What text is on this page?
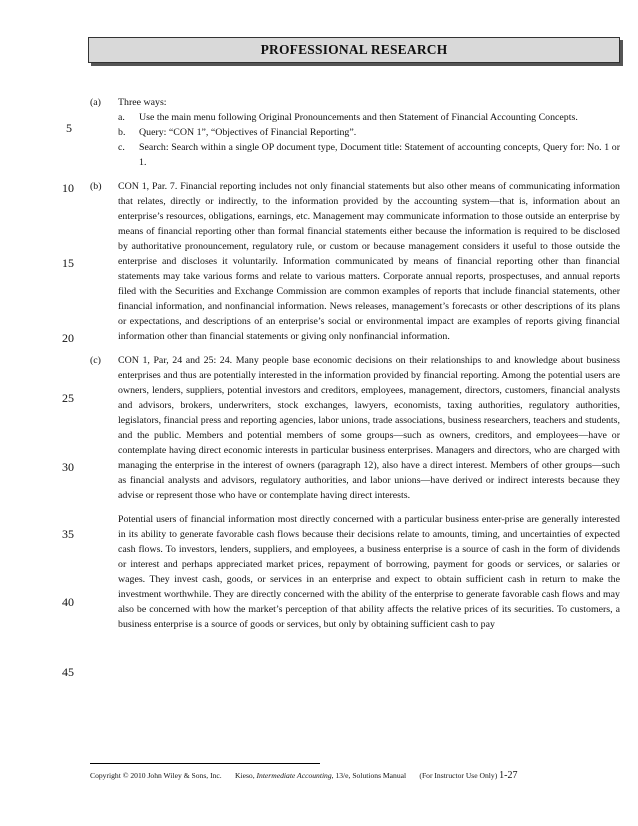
PROFESSIONAL RESEARCH
5
10
15
20
25
30
35
40
45
(a) Three ways:
a. Use the main menu following Original Pronouncements and then Statement of Financial Accounting Concepts.
b. Query: “CON 1”, “Objectives of Financial Reporting”.
c. Search: Search within a single OP document type, Document title: Statement of accounting concepts, Query for: No. 1 or 1.
(b) CON 1, Par. 7. Financial reporting includes not only financial statements but also other means of communicating information that relates, directly or indirectly, to the information provided by the accounting system—that is, information about an enterprise’s resources, obligations, earnings, etc. Management may communicate information to those outside an enterprise by means of financial reporting other than formal financial statements either because the information is required to be disclosed by authoritative pronouncement, regulatory rule, or custom or because management considers it useful to those outside the enterprise and discloses it voluntarily. Information communicated by means of financial reporting other than financial statements may take various forms and relate to various matters. Corporate annual reports, prospectuses, and annual reports filed with the Securities and Exchange Commission are common examples of reports that include financial statements, other financial information, and nonfinancial information. News releases, management’s forecasts or other descriptions of its plans or expectations, and descriptions of an enterprise’s social or environmental impact are examples of reports giving financial information other than financial statements or giving only nonfinancial information.
(c) CON 1, Par, 24 and 25: 24. Many people base economic decisions on their relationships to and knowledge about business enterprises and thus are potentially interested in the information provided by financial reporting. Among the potential users are owners, lenders, suppliers, potential investors and creditors, employees, management, directors, customers, financial analysts and advisors, brokers, underwriters, stock exchanges, lawyers, economists, taxing authorities, regulatory authorities, legislators, financial press and reporting agencies, labor unions, trade associations, business researchers, teachers and students, and the public. Members and potential members of some groups—such as owners, creditors, and employees—have or contemplate having direct economic interests in particular business enterprises. Managers and directors, who are charged with managing the enterprise in the interest of owners (paragraph 12), also have a direct interest. Members of other groups—such as financial analysts and advisors, regulatory authorities, and labor unions—have derived or indirect interests because they advise or represent those who have or contemplate having direct interests.
Potential users of financial information most directly concerned with a particular business enter-prise are generally interested in its ability to generate favorable cash flows because their decisions relate to amounts, timing, and uncertainties of expected cash flows. To investors, lenders, suppliers, and employees, a business enterprise is a source of cash in the form of dividends or interest and perhaps appreciated market prices, repayment of borrowing, payment for goods or services, or salaries or wages. They invest cash, goods, or services in an enterprise and expect to obtain sufficient cash in return to make the investment worthwhile. They are directly concerned with the ability of the enterprise to generate favorable cash flows and may also be concerned with how the market’s perception of that ability affects the relative prices of its securities. To customers, a business enterprise is a source of goods or services, but only by obtaining sufficient cash to pay
Copyright © 2010 John Wiley & Sons, Inc. Kieso, Intermediate Accounting, 13/e, Solutions Manual (For Instructor Use Only) 1-27
